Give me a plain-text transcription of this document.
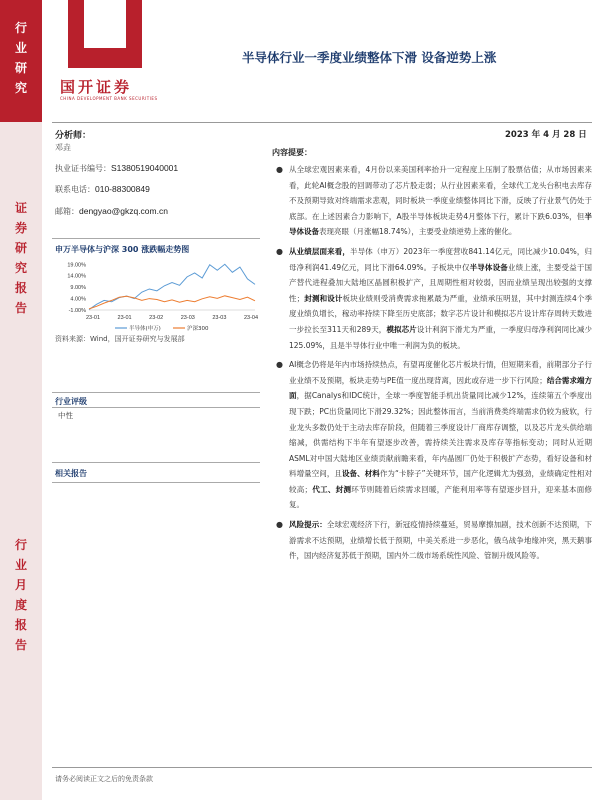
行
业
研
究
证
券
研
究
报
告
行
业
月
度
报
告
国开证券
CHINA DEVELOPMENT BANK SECURITIES
半导体行业一季度业绩整体下滑 设备逆势上涨
分析师：	2023 年 4 月 28 日
邓垚
执业证书编号：S1380519040001
联系电话：010-88300849
邮箱：dengyao@gkzq.com.cn
申万半导体与沪深 300 涨跌幅走势图
19.00%
14.00%
9.00%
4.00%
-1.00%
23-01	23-01	23-02	23-03	23-03	23-04
半导体(申万)	沪深300
资料来源：Wind，国开证券研究与发展部
行业评级
中性
相关报告
内容提要：
● 从全球宏观因素来看，4月份以来美国利率抬升一定程度上压制了股票估值；从市场因素来看，此轮AI概念股的回调带动了芯片股走弱；从行业因素来看，全球代工龙头台积电去库存不及预期导致对终端需求悲观，同时板块一季度业绩整体同比下滑，反映了行业景气仍处于底部。在上述因素合力影响下，A股半导体板块走势4月整体下行，累计下跌6.03%，但半导体设备表现亮眼（月涨幅18.74%），主要受业绩逆势上涨的催化。
● 从业绩层面来看，半导体（申万）2023年一季度营收841.14亿元，同比减少10.04%，归母净利润41.49亿元，同比下滑64.09%。子板块中仅半导体设备业绩上涨，主要受益于国产替代进程叠加大陆地区晶圆积极扩产，且周期性相对较弱，因而业绩呈现出较强的支撑性；封测和设计板块业绩则受消费需求拖累最为严重，业绩承压明显，其中封测连续4个季度业绩负增长，稼动率持续下降至历史底部；数字芯片设计和模拟芯片设计库存周转天数进一步拉长至311天和289天，模拟芯片设计利润下滑尤为严重，一季度归母净利润同比减少125.09%，且是半导体行业中唯一利润为负的板块。
● AI概念仍将是年内市场持续热点，有望再度催化芯片板块行情，但短期来看，前期部分子行业业绩不及预期，板块走势与PE值一度出现背离，因此或存进一步下行风险；结合需求端方面，据Canalys和IDC统计，全球一季度智能手机出货量同比减少12%，连续第五个季度出现下跌；PC出货量同比下滑29.32%；因此整体而言，当前消费类终端需求仍较为疲软，行业龙头多数仍处于主动去库存阶段，但随着三季度设计厂商库存调整，以及芯片龙头供给端缩减，供需结构下半年有望逐步改善，需持续关注需求及库存等指标变动；同时从近期ASML对中国大陆地区业绩贡献前瞻来看，年内晶圆厂仍处于积极扩产态势，看好设备和材料增量空间，且设备、材料作为“卡脖子”关键环节，国产化逻辑尤为强劲，业绩确定性相对较高；代工、封测环节则随着后续需求回暖，产能利用率等有望逐步回升，迎来基本面修复。
● 风险提示：全球宏观经济下行，新冠疫情持续蔓延，贸易摩擦加剧，技术创新不达预期，下游需求不达预期，业绩增长低于预期，中美关系进一步恶化，俄乌战争地缘冲突，黑天鹅事件，国内经济复苏低于预期，国内外二级市场系统性风险、管制升级风险等。
请务必阅读正文之后的免责条款
